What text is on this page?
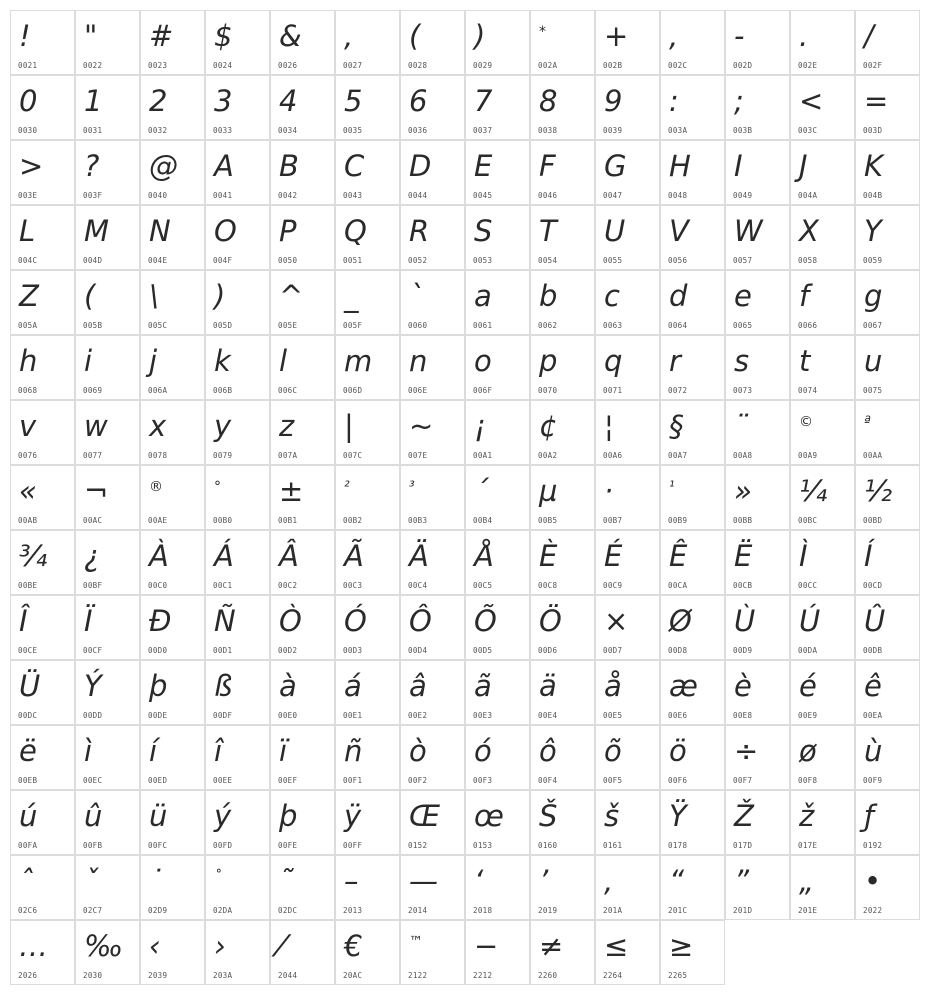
!
0021
"
0022
#
0023
$
0024
&
0026
,
0027
(
0028
)
0029
*
002A
+
002B
,
002C
-
002D
.
002E
/
002F
0
0030
1
0031
2
0032
3
0033
4
0034
5
0035
6
0036
7
0037
8
0038
9
0039
:
003A
;
003B
<
003C
=
003D
>
003E
?
003F
@
0040
A
0041
B
0042
C
0043
D
0044
E
0045
F
0046
G
0047
H
0048
I
0049
J
004A
K
004B
L
004C
M
004D
N
004E
O
004F
P
0050
Q
0051
R
0052
S
0053
T
0054
U
0055
V
0056
W
0057
X
0058
Y
0059
Z
005A
(
005B
\
005C
)
005D
^
005E
_
005F
`
0060
a
0061
b
0062
c
0063
d
0064
e
0065
f
0066
g
0067
h
0068
i
0069
j
006A
k
006B
l
006C
m
006D
n
006E
o
006F
p
0070
q
0071
r
0072
s
0073
t
0074
u
0075
v
0076
w
0077
x
0078
y
0079
z
007A
|
007C
~
007E
¡
00A1
¢
00A2
¦
00A6
§
00A7
¨
00A8
©
00A9
ª
00AA
«
00AB
¬
00AC
®
00AE
°
00B0
±
00B1
²
00B2
³
00B3
´
00B4
µ
00B5
·
00B7
¹
00B9
»
00BB
¼
00BC
½
00BD
¾
00BE
¿
00BF
À
00C0
Á
00C1
Â
00C2
Ã
00C3
Ä
00C4
Å
00C5
È
00C8
É
00C9
Ê
00CA
Ë
00CB
Ì
00CC
Í
00CD
Î
00CE
Ï
00CF
Ð
00D0
Ñ
00D1
Ò
00D2
Ó
00D3
Ô
00D4
Õ
00D5
Ö
00D6
×
00D7
Ø
00D8
Ù
00D9
Ú
00DA
Û
00DB
Ü
00DC
Ý
00DD
þ
00DE
ß
00DF
à
00E0
á
00E1
â
00E2
ã
00E3
ä
00E4
å
00E5
æ
00E6
è
00E8
é
00E9
ê
00EA
ë
00EB
ì
00EC
í
00ED
î
00EE
ï
00EF
ñ
00F1
ò
00F2
ó
00F3
ô
00F4
õ
00F5
ö
00F6
÷
00F7
ø
00F8
ù
00F9
ú
00FA
û
00FB
ü
00FC
ý
00FD
þ
00FE
ÿ
00FF
Œ
0152
œ
0153
Š
0160
š
0161
Ÿ
0178
Ž
017D
ž
017E
ƒ
0192
ˆ
02C6
ˇ
02C7
˙
02D9
˚
02DA
˜
02DC
–
2013
—
2014
‘
2018
’
2019
‚
201A
“
201C
”
201D
„
201E
•
2022
…
2026
‰
2030
‹
2039
›
203A
⁄
2044
€
20AC
™
2122
−
2212
≠
2260
≤
2264
≥
2265
